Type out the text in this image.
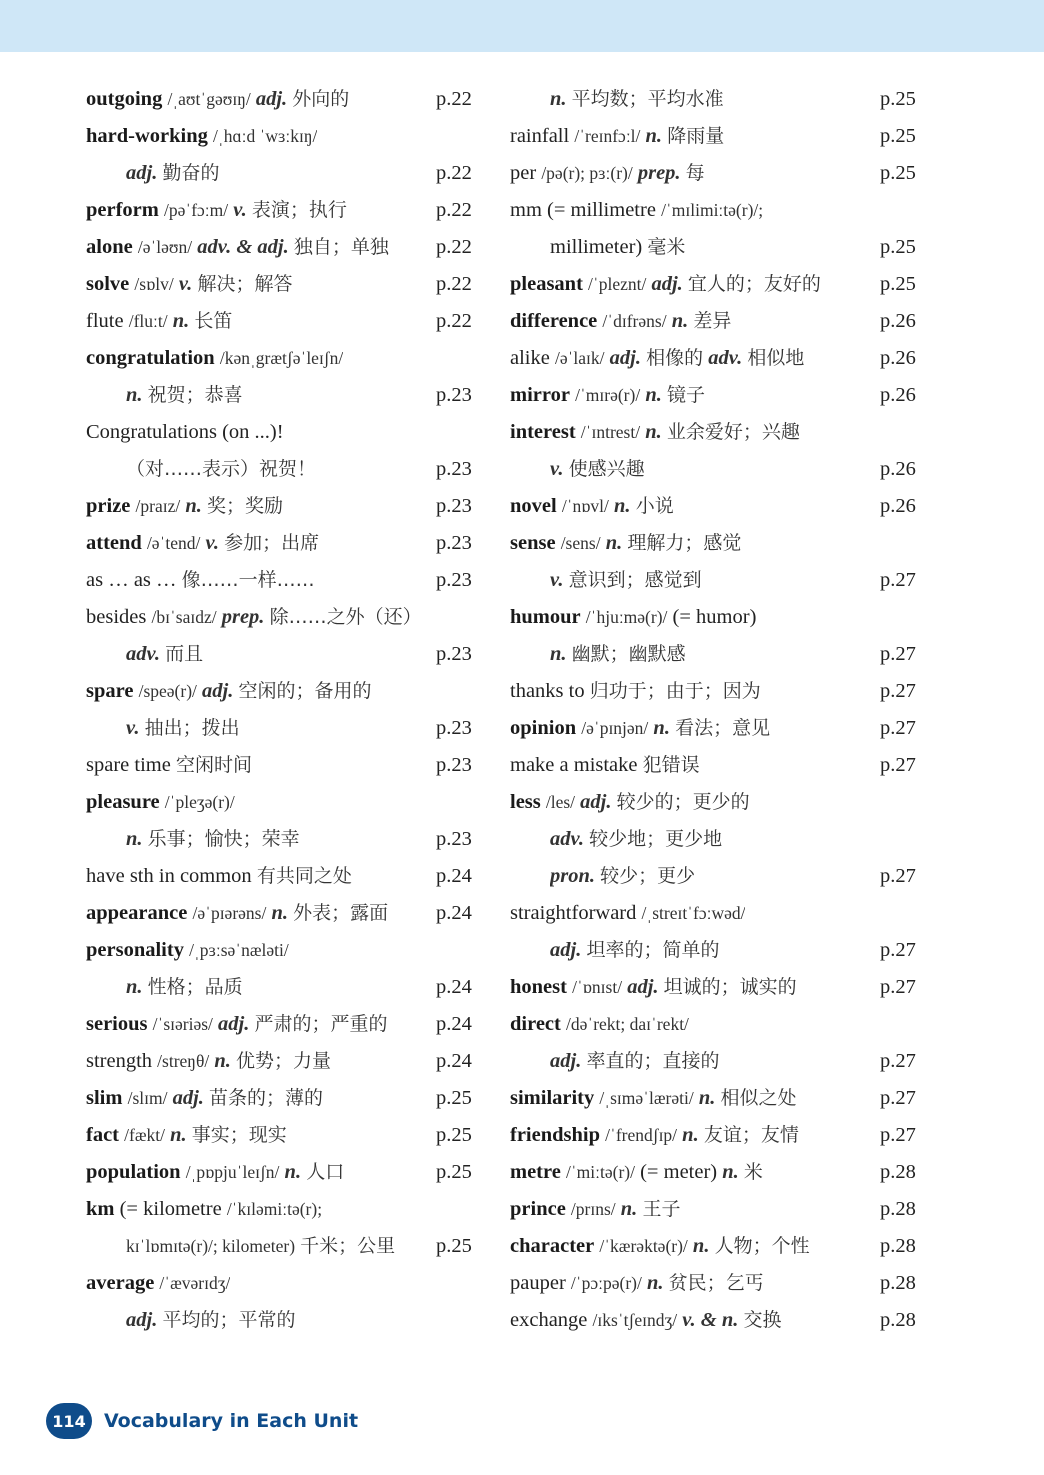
outgoing /ˌaʊtˈgəʊɪŋ/ adj. 外向的	p.22
hard-working /ˌhɑːd ˈwɜːkɪŋ/
adj. 勤奋的	p.22
perform /pəˈfɔːm/ v. 表演；执行	p.22
alone /əˈləʊn/ adv. & adj. 独自；单独 p.22
solve /sɒlv/ v. 解决；解答	p.22
flute /fluːt/ n. 长笛	p.22
congratulation /kənˌgrætʃəˈleɪʃn/
n. 祝贺；恭喜	p.23
Congratulations (on ...)!
（对……表示）祝贺！	p.23
prize /praɪz/ n. 奖；奖励	p.23
attend /əˈtend/ v. 参加；出席	p.23
as … as … 像……一样……	p.23
besides /bɪˈsaɪdz/ prep. 除……之外（还）
adv. 而且	p.23
spare /speə(r)/ adj. 空闲的；备用的
v. 抽出；拨出	p.23
spare time 空闲时间	p.23
pleasure /ˈpleʒə(r)/
n. 乐事；愉快；荣幸	p.23
have sth in common 有共同之处	p.24
appearance /əˈpɪərəns/ n. 外表；露面 p.24
personality /ˌpɜːsəˈnæləti/
n. 性格；品质	p.24
serious /ˈsɪəriəs/ adj. 严肃的；严重的 p.24
strength /streŋθ/ n. 优势；力量	p.24
slim /slɪm/ adj. 苗条的；薄的	p.25
fact /fækt/ n. 事实；现实	p.25
population /ˌpɒpjuˈleɪʃn/ n. 人口	p.25
km (= kilometre /ˈkɪləmiːtə(r);
kɪˈlɒmɪtə(r)/; kilometer) 千米；公里 p.25
average /ˈævərɪdʒ/
adj. 平均的；平常的
n. 平均数；平均水准	p.25
rainfall /ˈreɪnfɔːl/ n. 降雨量	p.25
per /pə(r); pɜː(r)/ prep. 每	p.25
mm (= millimetre /ˈmɪlimiːtə(r)/;
millimeter) 毫米	p.25
pleasant /ˈpleznt/ adj. 宜人的；友好的	p.25
difference /ˈdɪfrəns/ n. 差异	p.26
alike /əˈlaɪk/ adj. 相像的 adv. 相似地	p.26
mirror /ˈmɪrə(r)/ n. 镜子	p.26
interest /ˈɪntrest/ n. 业余爱好；兴趣
v. 使感兴趣	p.26
novel /ˈnɒvl/ n. 小说	p.26
sense /sens/ n. 理解力；感觉
v. 意识到；感觉到	p.27
humour /ˈhjuːmə(r)/ (= humor)
n. 幽默；幽默感	p.27
thanks to 归功于；由于；因为	p.27
opinion /əˈpɪnjən/ n. 看法；意见	p.27
make a mistake 犯错误	p.27
less /les/ adj. 较少的；更少的
adv. 较少地；更少地
pron. 较少；更少	p.27
straightforward /ˌstreɪtˈfɔːwəd/
adj. 坦率的；简单的	p.27
honest /ˈɒnɪst/ adj. 坦诚的；诚实的	p.27
direct /dəˈrekt; daɪˈrekt/
adj. 率直的；直接的	p.27
similarity /ˌsɪməˈlærəti/ n. 相似之处	p.27
friendship /ˈfrendʃɪp/ n. 友谊；友情	p.27
metre /ˈmiːtə(r)/ (= meter) n. 米	p.28
prince /prɪns/ n. 王子	p.28
character /ˈkærəktə(r)/ n. 人物；个性	p.28
pauper /ˈpɔːpə(r)/ n. 贫民；乞丐	p.28
exchange /ɪksˈtʃeɪndʒ/ v. & n. 交换	p.28
114 Vocabulary in Each Unit
